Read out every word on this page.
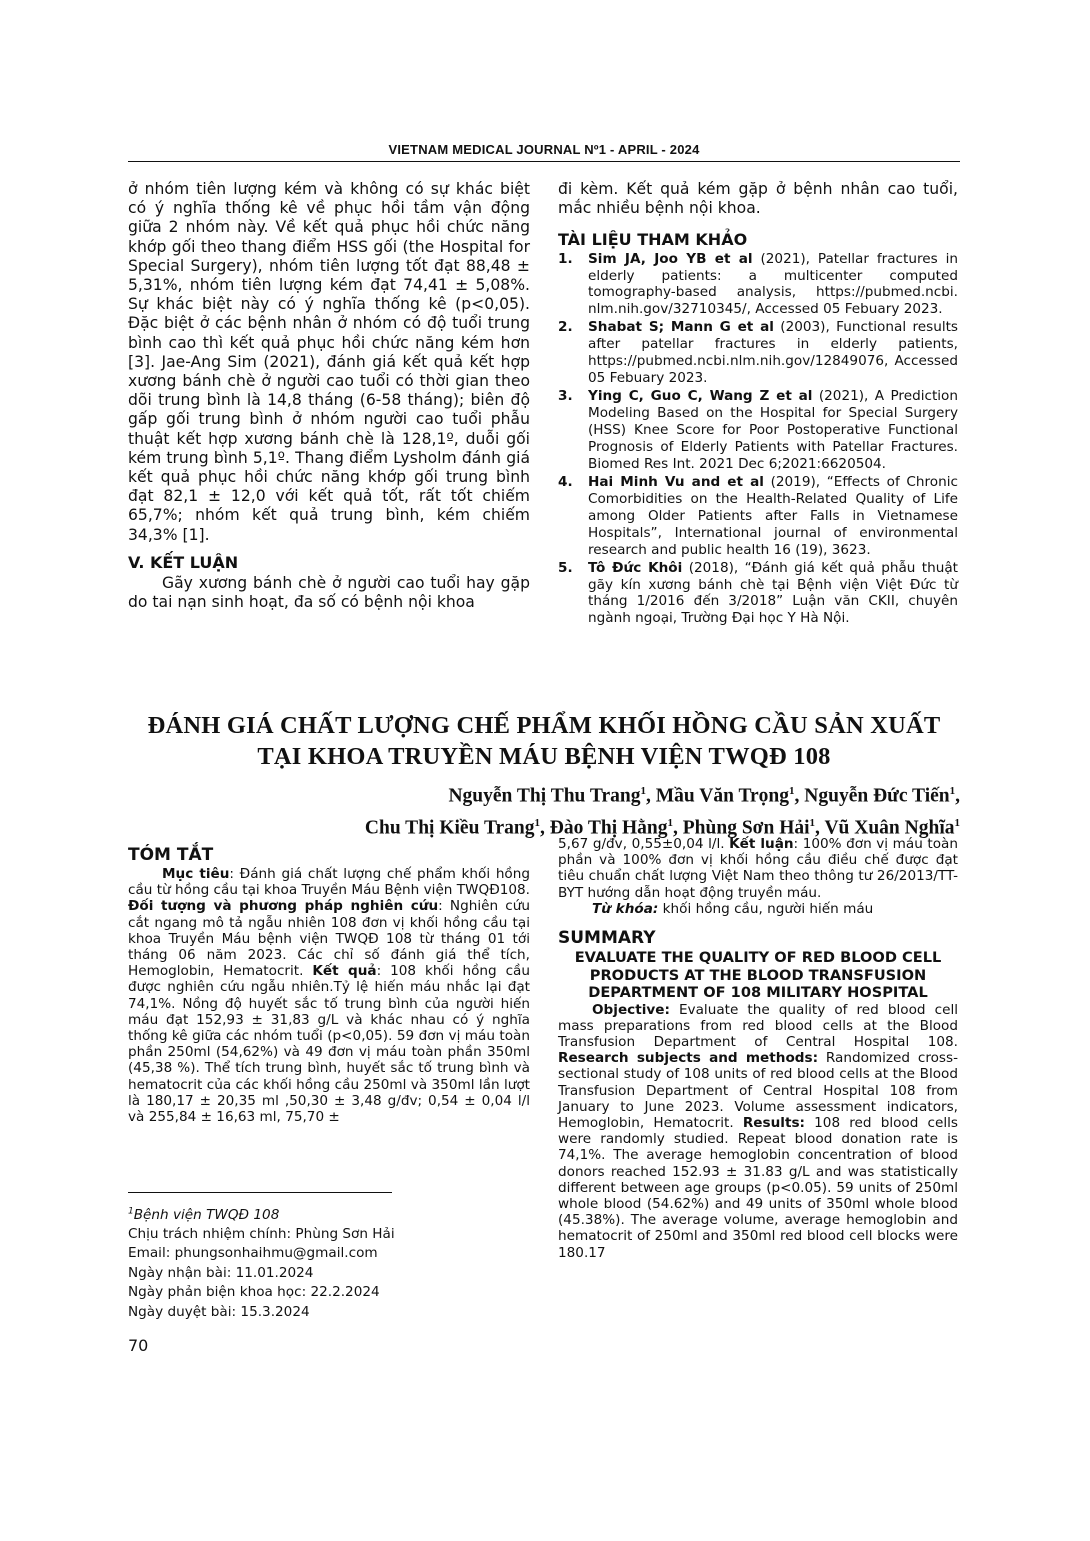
VIETNAM MEDICAL JOURNAL Nº1 - APRIL - 2024

ở nhóm tiên lượng kém và không có sự khác biệt có ý nghĩa thống kê về phục hồi tầm vận động giữa 2 nhóm này. Về kết quả phục hồi chức năng khớp gối theo thang điểm HSS gối (the Hospital for Special Surgery), nhóm tiên lượng tốt đạt 88,48 ± 5,31%, nhóm tiên lượng kém đạt 74,41 ± 5,08%. Sự khác biệt này có ý nghĩa thống kê (p<0,05). Đặc biệt ở các bệnh nhân ở nhóm có độ tuổi trung bình cao thì kết quả phục hồi chức năng kém hơn [3]. Jae-Ang Sim (2021), đánh giá kết quả kết hợp xương bánh chè ở người cao tuổi có thời gian theo dõi trung bình là 14,8 tháng (6-58 tháng); biên độ gấp gối trung bình ở nhóm người cao tuổi phẫu thuật kết hợp xương bánh chè là 128,1º, duỗi gối kém trung bình 5,1º. Thang điểm Lysholm đánh giá kết quả phục hồi chức năng khớp gối trung bình đạt 82,1 ± 12,0 với kết quả tốt, rất tốt chiếm 65,7%; nhóm kết quả trung bình, kém chiếm 34,3% [1].

V. KẾT LUẬN

Gãy xương bánh chè ở người cao tuổi hay gặp do tai nạn sinh hoạt, đa số có bệnh nội khoa

đi kèm. Kết quả kém gặp ở bệnh nhân cao tuổi, mắc nhiều bệnh nội khoa.

TÀI LIỆU THAM KHẢO

1.	Sim JA, Joo YB et al (2021), Patellar fractures in elderly patients: a multicenter computed tomography-based analysis, https://pubmed.ncbi. nlm.nih.gov/32710345/, Accessed 05 Febuary 2023.
2.	Shabat S; Mann G et al (2003), Functional results after patellar fractures in elderly patients, https://pubmed.ncbi.nlm.nih.gov/12849076, Accessed 05 Febuary 2023.
3.	Ying C, Guo C, Wang Z et al (2021), A Prediction Modeling Based on the Hospital for Special Surgery (HSS) Knee Score for Poor Postoperative Functional Prognosis of Elderly Patients with Patellar Fractures. Biomed Res Int. 2021 Dec 6;2021:6620504.
4.	Hai Minh Vu and et al (2019), “Effects of Chronic Comorbidities on the Health-Related Quality of Life among Older Patients after Falls in Vietnamese Hospitals”, International journal of environmental research and public health 16 (19), 3623.
5.	Tô Đức Khôi (2018), “Đánh giá kết quả phẫu thuật gãy kín xương bánh chè tại Bệnh viện Việt Đức từ tháng 1/2016 đến 3/2018” Luận văn CKII, chuyên ngành ngoại, Trường Đại học Y Hà Nội.
ĐÁNH GIÁ CHẤT LƯỢNG CHẾ PHẨM KHỐI HỒNG CẦU SẢN XUẤT
TẠI KHOA TRUYỀN MÁU BỆNH VIỆN TWQĐ 108
Nguyễn Thị Thu Trang$^1$, Mầu Văn Trọng$^1$, Nguyễn Đức Tiến$^1$,
Chu Thị Kiều Trang$^1$, Đào Thị Hằng$^1$, Phùng Sơn Hải$^1$, Vũ Xuân Nghĩa$^1$

TÓM TẮT

Mục tiêu: Đánh giá chất lượng chế phẩm khối hồng cầu từ hồng cầu tại khoa Truyền Máu Bệnh viện TWQĐ108. Đối tượng và phương pháp nghiên cứu: Nghiên cứu cắt ngang mô tả ngẫu nhiên 108 đơn vị khối hồng cầu tại khoa Truyền Máu bệnh viện TWQĐ 108 từ tháng 01 tới tháng 06 năm 2023. Các chỉ số đánh giá thể tích, Hemoglobin, Hematocrit. Kết quả: 108 khối hồng cầu được nghiên cứu ngẫu nhiên.Tỷ lệ hiến máu nhắc lại đạt 74,1%. Nồng độ huyết sắc tố trung bình của người hiến máu đạt 152,93 ± 31,83 g/L và khác nhau có ý nghĩa thống kê giữa các nhóm tuổi (p<0,05). 59 đơn vị máu toàn phần 250ml (54,62%) và 49 đơn vị máu toàn phần 350ml (45,38 %). Thể tích trung bình, huyết sắc tố trung bình và hematocrit của các khối hồng cầu 250ml và 350ml lần lượt là 180,17 ± 20,35 ml ,50,30 ± 3,48 g/đv; 0,54 ± 0,04 l/l và 255,84 ± 16,63 ml, 75,70 ±

5,67 g/đv, 0,55±0,04 l/l. Kết luận: 100% đơn vị máu toàn phần và 100% đơn vị khối hồng cầu điều chế được đạt tiêu chuẩn chất lượng Việt Nam theo thông tư 26/2013/TT-BYT hướng dẫn hoạt động truyền máu.

Từ khóa: khối hồng cầu, người hiến máu

SUMMARY

EVALUATE THE QUALITY OF RED BLOOD CELL PRODUCTS AT THE BLOOD TRANSFUSION DEPARTMENT OF 108 MILITARY HOSPITAL

Objective: Evaluate the quality of red blood cell mass preparations from red blood cells at the Blood Transfusion Department of Central Hospital 108. Research subjects and methods: Randomized cross-sectional study of 108 units of red blood cells at the Blood Transfusion Department of Central Hospital 108 from January to June 2023. Volume assessment indicators, Hemoglobin, Hematocrit. Results: 108 red blood cells were randomly studied. Repeat blood donation rate is 74,1%. The average hemoglobin concentration of blood donors reached 152.93 ± 31.83 g/L and was statistically different between age groups (p<0.05). 59 units of 250ml whole blood (54.62%) and 49 units of 350ml whole blood (45.38%). The average volume, average hemoglobin and hematocrit of 250ml and 350ml red blood cell blocks were 180.17

$^1$Bệnh viện TWQĐ 108

Chịu trách nhiệm chính: Phùng Sơn Hải

Email: phungsonhaihmu@gmail.com

Ngày nhận bài: 11.01.2024

Ngày phản biện khoa học: 22.2.2024

Ngày duyệt bài: 15.3.2024

70
